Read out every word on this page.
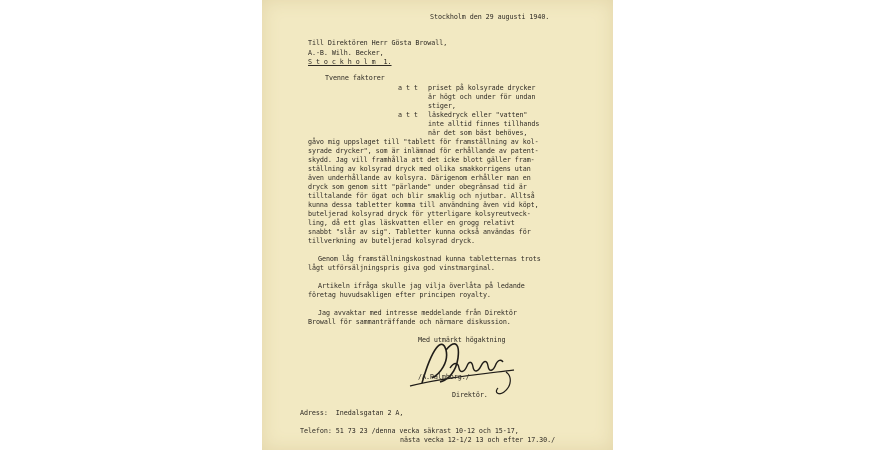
Stockholm den 29 augusti 1940.
Till Direktören Herr Gösta Browall,
A.-B. Wilh. Becker,
S t o c k h o l m  1.
Tvenne faktorer
a t t priset på kolsyrade drycker
är högt och under för undan
stiger,
a t t läskedryck eller "vatten"
inte alltid finnes tillhands
när det som bäst behöves,
gåvo mig uppslaget till "tablett för framställning av kol-
syrade drycker", som är inlämnad för erhållande av patent-
skydd. Jag vill framhålla att det icke blott gäller fram-
ställning av kolsyrad dryck med olika smakkorrigens utan
även underhållande av kolsyra. Därigenom erhåller man en
dryck som genom sitt "pärlande" under obegränsad tid är
tilltalande för ögat och blir smaklig och njutbar. Alltså
kunna dessa tabletter komma till användning även vid köpt,
buteljerad kolsyrad dryck för ytterligare kolsyreutveck-
ling, då ett glas läskvatten eller en grogg relativt
snabbt "slår av sig". Tabletter kunna också användas för
tillverkning av buteljerad kolsyrad dryck.
Genom låg framställningskostnad kunna tabletternas trots
lågt utförsäljningspris giva god vinstmarginal.
Artikeln ifråga skulle jag vilja överlåta på ledande
företag huvudsakligen efter principen royalty.
Jag avvaktar med intresse meddelande från Direktör
Browall för sammanträffande och närmare diskussion.
Med utmärkt högaktning
/A.Palmborg./
Direktör.
Adress:  Inedalsgatan 2 A,
Telefon: 51 73 23 /denna vecka säkrast 10-12 och 15-17,
nästa vecka 12-1/2 13 och efter 17.30./
